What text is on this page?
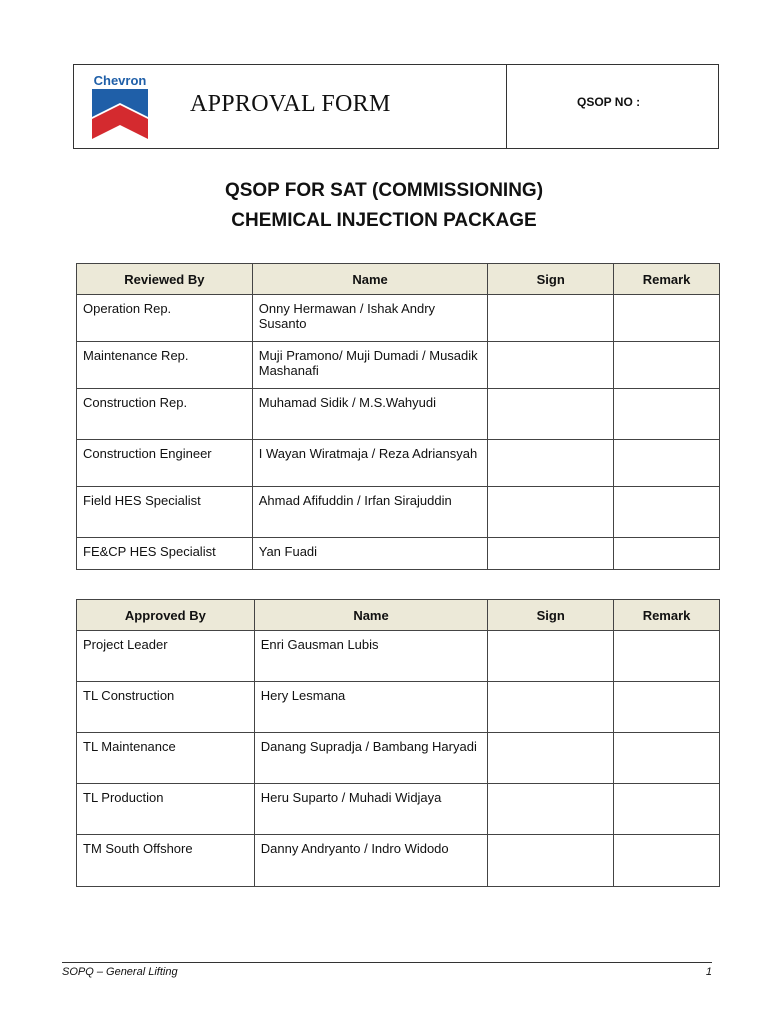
Chevron
APPROVAL FORM	QSOP NO :
QSOP FOR SAT (COMMISSIONING)
CHEMICAL INJECTION PACKAGE
Reviewed By	Name	Sign	Remark
Operation Rep.	Onny Hermawan / Ishak Andry Susanto		
Maintenance Rep.	Muji Pramono/ Muji Dumadi / Musadik Mashanafi		
Construction Rep.	Muhamad Sidik / M.S.Wahyudi		
Construction Engineer	I Wayan Wiratmaja / Reza Adriansyah		
Field HES Specialist	Ahmad Afifuddin / Irfan Sirajuddin		
FE&CP HES Specialist	Yan Fuadi		
Approved By	Name	Sign	Remark
Project Leader	Enri Gausman Lubis		
TL Construction	Hery Lesmana		
TL Maintenance	Danang Supradja / Bambang Haryadi		
TL Production	Heru Suparto / Muhadi Widjaya		
TM South Offshore	Danny Andryanto / Indro Widodo		
SOPQ – General Lifting	1
